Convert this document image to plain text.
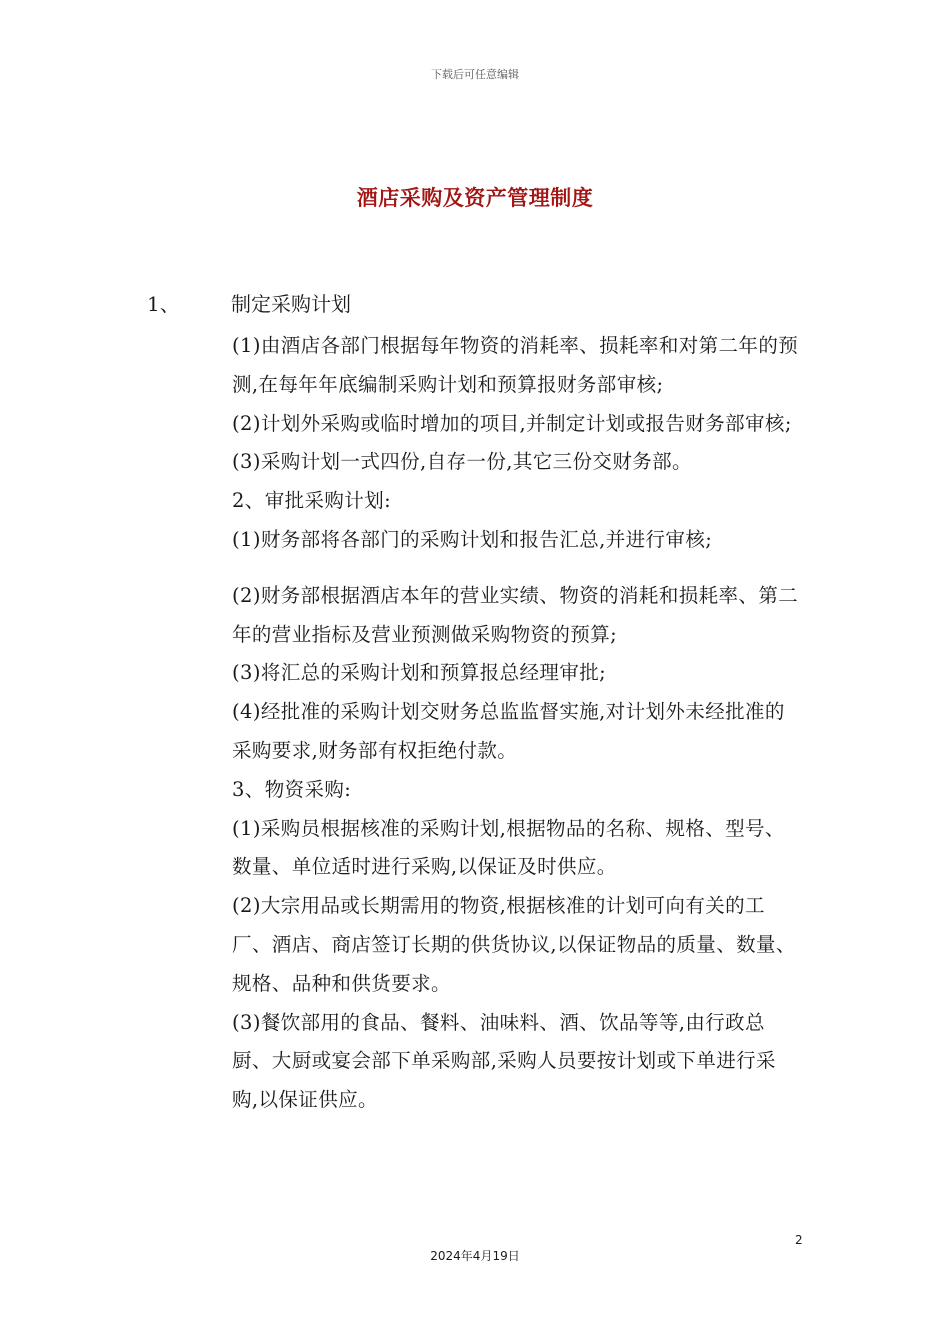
下载后可任意编辑
酒店采购及资产管理制度
1、	制定采购计划

(1)由酒店各部门根据每年物资的消耗率、损耗率和对第二年的预测,在每年年底编制采购计划和预算报财务部审核;

(2)计划外采购或临时增加的项目,并制定计划或报告财务部审核;

(3)采购计划一式四份,自存一份,其它三份交财务部。

2、审批采购计划:

(1)财务部将各部门的采购计划和报告汇总,并进行审核;

(2)财务部根据酒店本年的营业实绩、物资的消耗和损耗率、第二年的营业指标及营业预测做采购物资的预算;

(3)将汇总的采购计划和预算报总经理审批;

(4)经批准的采购计划交财务总监监督实施,对计划外未经批准的采购要求,财务部有权拒绝付款。

3、物资采购:

(1)采购员根据核准的采购计划,根据物品的名称、规格、型号、数量、单位适时进行采购,以保证及时供应。

(2)大宗用品或长期需用的物资,根据核准的计划可向有关的工厂、酒店、商店签订长期的供货协议,以保证物品的质量、数量、规格、品种和供货要求。

(3)餐饮部用的食品、餐料、油味料、酒、饮品等等,由行政总厨、大厨或宴会部下单采购部,采购人员要按计划或下单进行采购,以保证供应。

2
2024年4月19日
